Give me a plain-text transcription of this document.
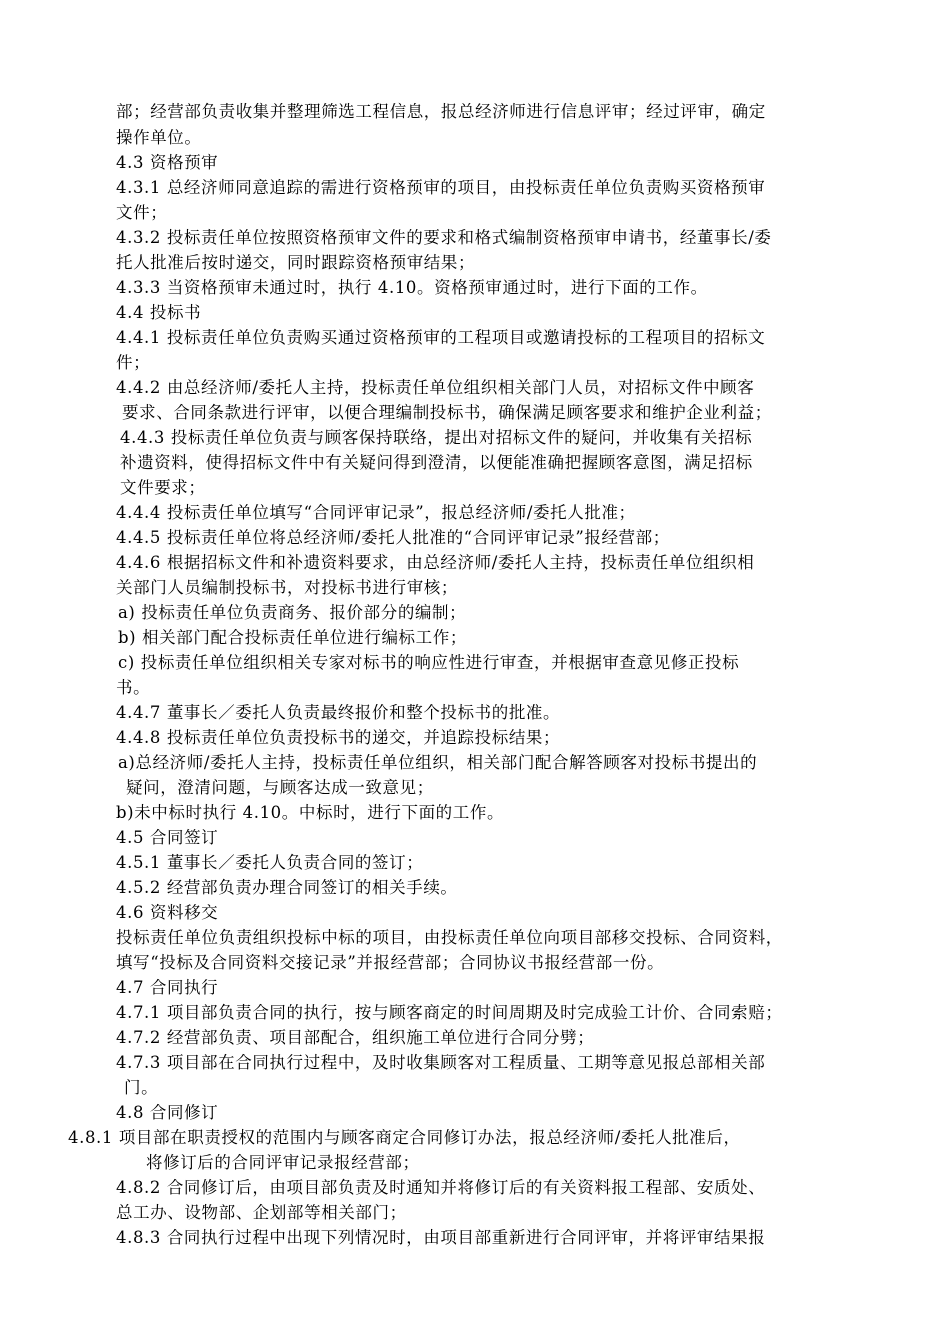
部；经营部负责收集并整理筛选工程信息，报总经济师进行信息评审；经过评审，确定
操作单位。
4.3 资格预审
4.3.1 总经济师同意追踪的需进行资格预审的项目，由投标责任单位负责购买资格预审
文件；
4.3.2 投标责任单位按照资格预审文件的要求和格式编制资格预审申请书，经董事长/委
托人批准后按时递交，同时跟踪资格预审结果；
4.3.3 当资格预审未通过时，执行 4.10。资格预审通过时，进行下面的工作。
4.4 投标书
4.4.1 投标责任单位负责购买通过资格预审的工程项目或邀请投标的工程项目的招标文
件；
4.4.2 由总经济师/委托人主持，投标责任单位组织相关部门人员，对招标文件中顾客
要求、合同条款进行评审，以便合理编制投标书，确保满足顾客要求和维护企业利益；
4.4.3 投标责任单位负责与顾客保持联络，提出对招标文件的疑问，并收集有关招标
补遗资料，使得招标文件中有关疑问得到澄清，以便能准确把握顾客意图，满足招标
文件要求；
4.4.4 投标责任单位填写“合同评审记录”，报总经济师/委托人批准；
4.4.5 投标责任单位将总经济师/委托人批准的“合同评审记录”报经营部；
4.4.6 根据招标文件和补遗资料要求，由总经济师/委托人主持，投标责任单位组织相
关部门人员编制投标书，对投标书进行审核；
a) 投标责任单位负责商务、报价部分的编制；
b) 相关部门配合投标责任单位进行编标工作；
c) 投标责任单位组织相关专家对标书的响应性进行审查，并根据审查意见修正投标
书。
4.4.7 董事长／委托人负责最终报价和整个投标书的批准。
4.4.8 投标责任单位负责投标书的递交，并追踪投标结果；
a)总经济师/委托人主持，投标责任单位组织，相关部门配合解答顾客对投标书提出的
疑问，澄清问题，与顾客达成一致意见；
b)未中标时执行 4.10。中标时，进行下面的工作。
4.5 合同签订
4.5.1 董事长／委托人负责合同的签订；
4.5.2 经营部负责办理合同签订的相关手续。
4.6 资料移交
投标责任单位负责组织投标中标的项目，由投标责任单位向项目部移交投标、合同资料，
填写“投标及合同资料交接记录”并报经营部；合同协议书报经营部一份。
4.7 合同执行
4.7.1 项目部负责合同的执行，按与顾客商定的时间周期及时完成验工计价、合同索赔；
4.7.2 经营部负责、项目部配合，组织施工单位进行合同分劈；
4.7.3 项目部在合同执行过程中，及时收集顾客对工程质量、工期等意见报总部相关部
门。
4.8 合同修订
4.8.1 项目部在职责授权的范围内与顾客商定合同修订办法，报总经济师/委托人批准后，
将修订后的合同评审记录报经营部；
4.8.2 合同修订后，由项目部负责及时通知并将修订后的有关资料报工程部、安质处、
总工办、设物部、企划部等相关部门；
4.8.3 合同执行过程中出现下列情况时，由项目部重新进行合同评审，并将评审结果报
